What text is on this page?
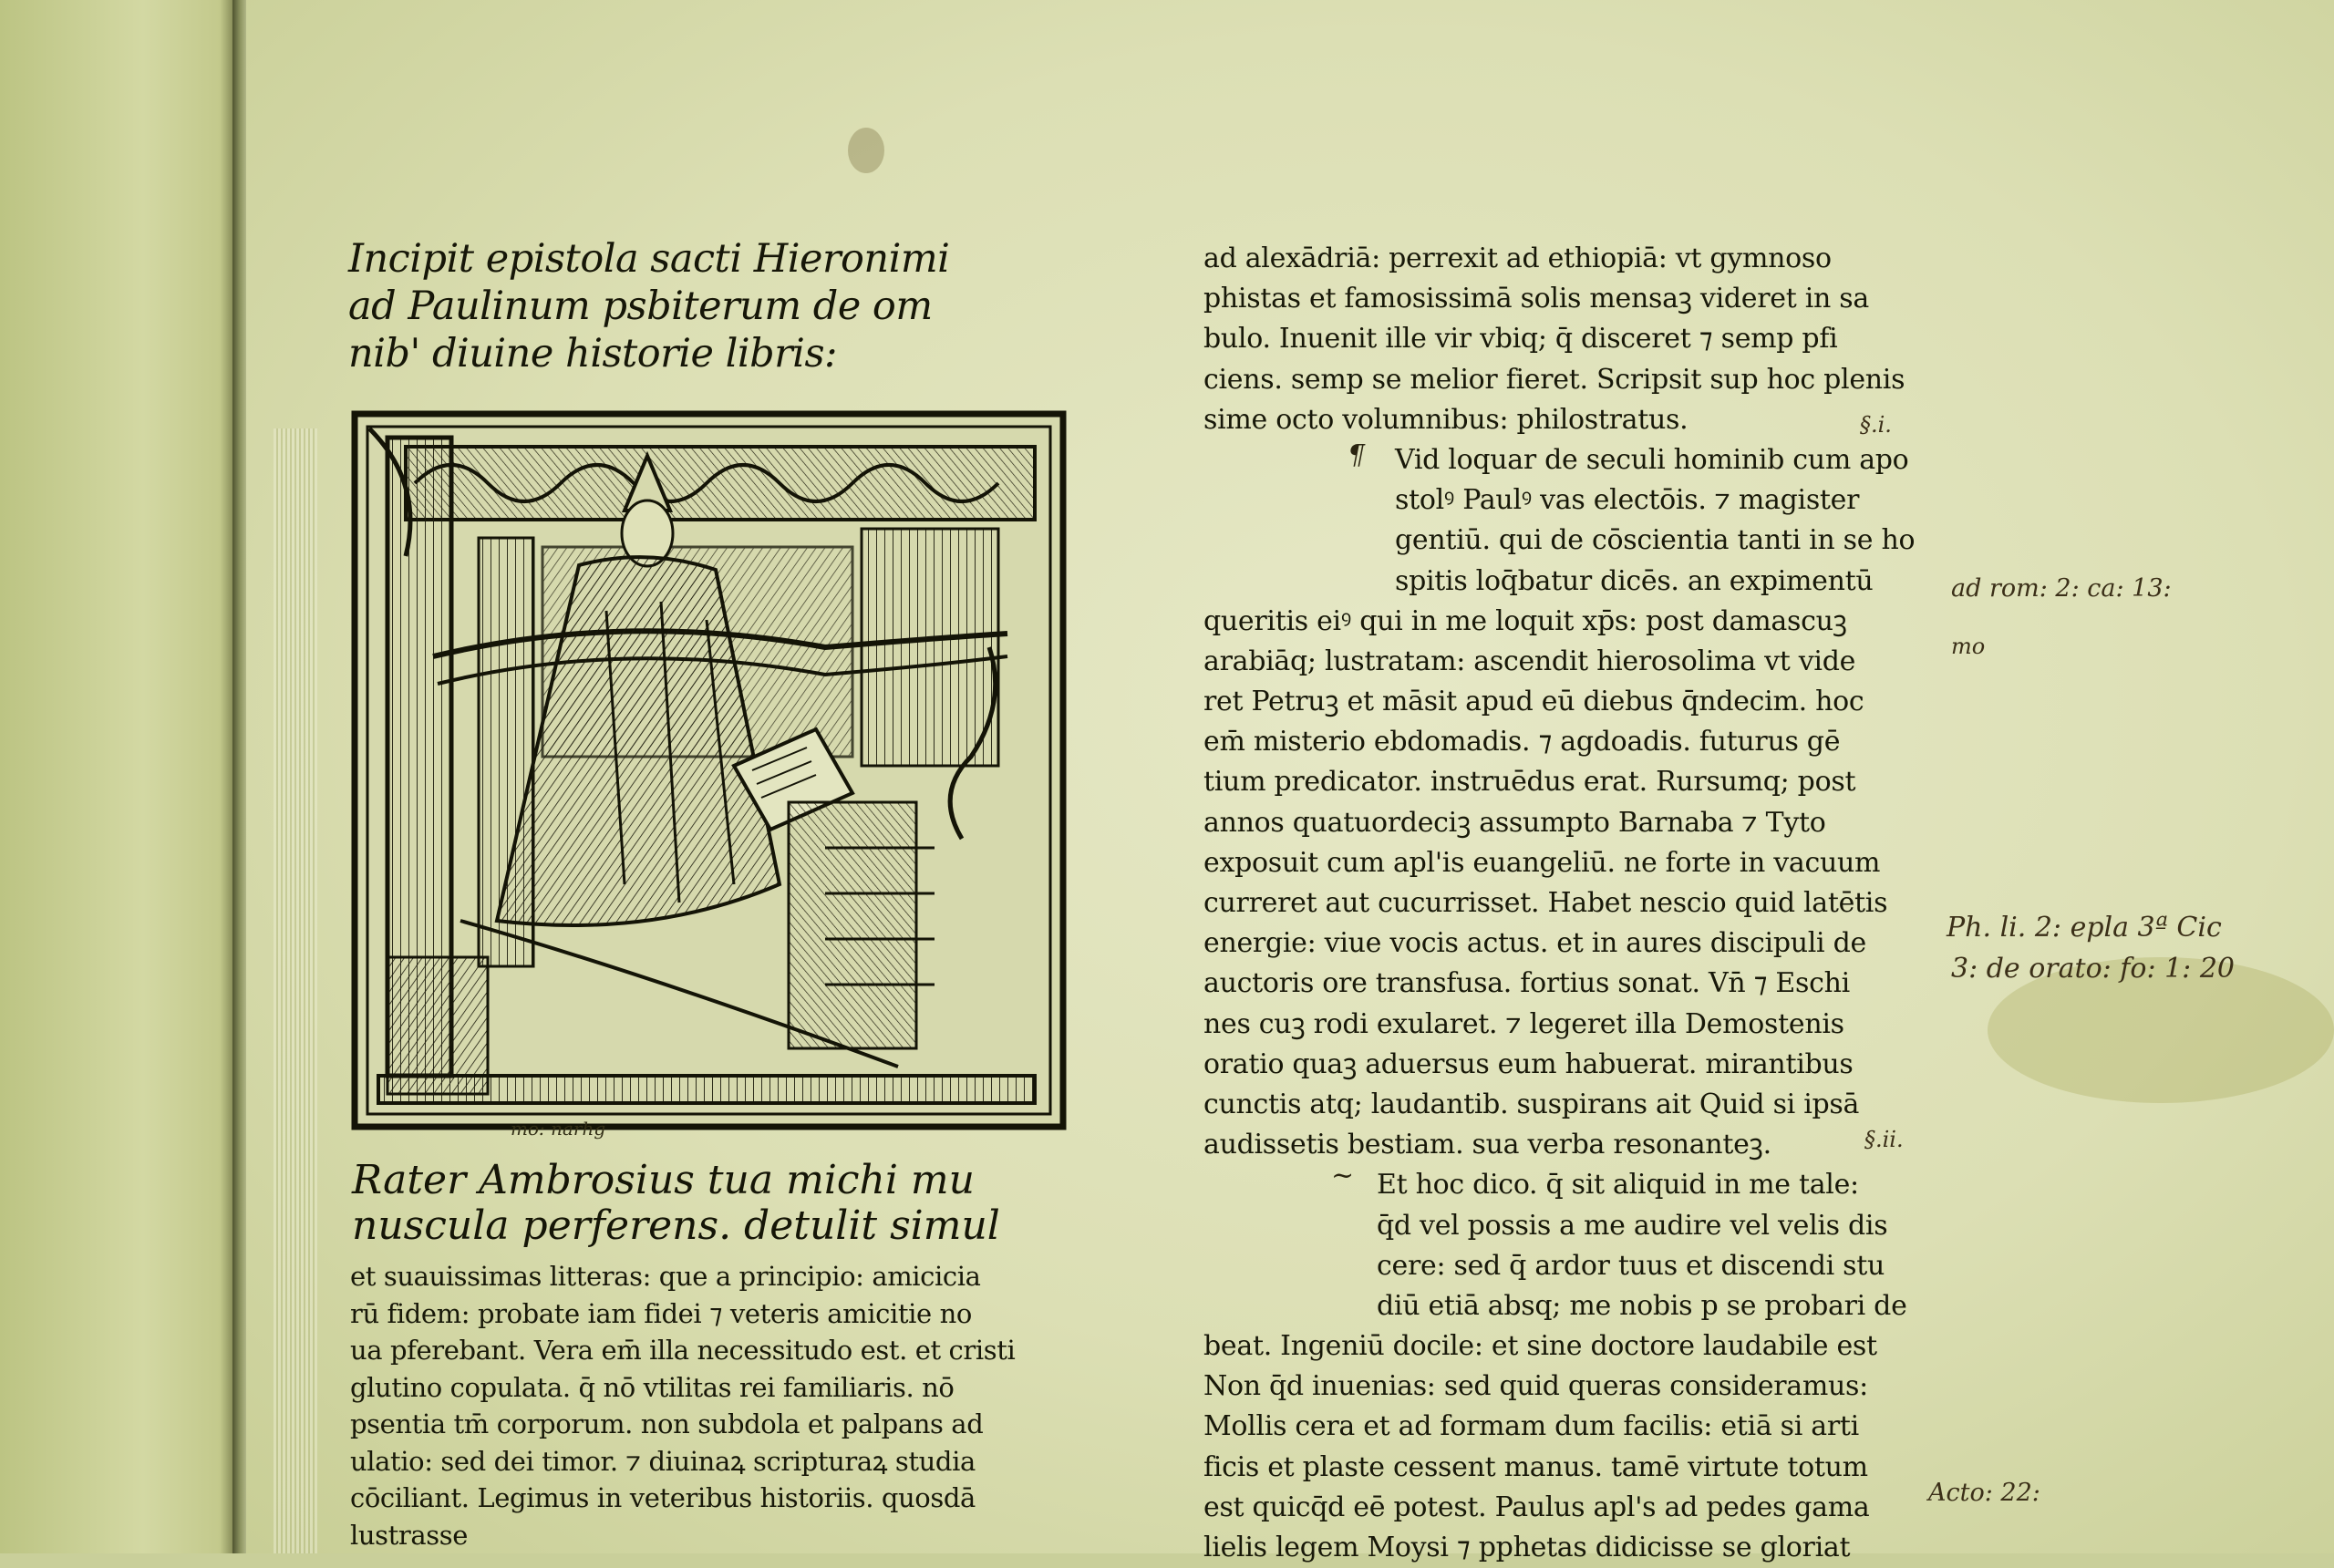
Incipit epistola sacti Hieronimi
ad Paulinum psbiterum de om
nib' diuine historie libris:
mo: narhg
Rater Ambrosius tua michi mu
nuscula perferens. detulit simul
et suauissimas litteras: que a principio: amicicia
rū fidem: probate iam fidei ⁊ veteris amicitie no
ua pferebant. Vera em̄ illa necessitudo est. et cristi
glutino copulata. q̄ nō vtilitas rei familiaris. nō
psentia tm̄ corporum. non subdola et palpans ad
ulatio: sed dei timor. ⁊ diuinaꝝ scripturaꝝ studia
cōciliant. Legimus in veteribus historiis. quosdā
lustrasse
ad alexādriā: perrexit ad ethiopiā: vt gymnoso
phistas et famosissimā solis mensaꝫ videret in sa
bulo. Inuenit ille vir vbiq; q̄ disceret ⁊ semp pfi
ciens. semp se melior fieret. Scripsit sup hoc plenis
sime octo volumnibus: philostratus.
Vid loquar de seculi hominib cum apo
stolꝰ Paulꝰ vas electōis. ⁊ magister
gentiū. qui de cōscientia tanti in se ho
spitis loq̄batur dicēs. an expimentū
queritis eiꝰ qui in me loquit xp̄s: post damascuꝫ
arabiāq; lustratam: ascendit hierosolima vt vide
ret Petruꝫ et māsit apud eū diebus q̄ndecim. hoc
em̄ misterio ebdomadis. ⁊ agdoadis. futurus gē
tium predicator. instruēdus erat. Rursumq; post
annos quatuordeciꝫ assumpto Barnaba ⁊ Tyto
exposuit cum apl'is euangeliū. ne forte in vacuum
curreret aut cucurrisset. Habet nescio quid latētis
energie: viue vocis actus. et in aures discipuli de
auctoris ore transfusa. fortius sonat. Vn̄ ⁊ Eschi
nes cuꝫ rodi exularet. ⁊ legeret illa Demostenis
oratio quaꝫ aduersus eum habuerat. mirantibus
cunctis atq; laudantib. suspirans ait Quid si ipsā
audissetis bestiam. sua verba resonanteꝫ.
Et hoc dico. q̄ sit aliquid in me tale:
q̄d vel possis a me audire vel velis dis
cere: sed q̄ ardor tuus et discendi stu
diū etiā absq; me nobis p se probari de
beat. Ingeniū docile: et sine doctore laudabile est
Non q̄d inuenias: sed quid queras consideramus:
Mollis cera et ad formam dum facilis: etiā si arti
ficis et plaste cessent manus. tamē virtute totum
est quicq̄d eē potest. Paulus apl's ad pedes gama
lielis legem Moysi ⁊ pphetas didicisse se gloriat
§.i.
ad rom: 2: ca: 13:
Ph. li. 2: epla 3ª Cic
3: de orato: fo: 1: 20
§.ii.
Acto: 22:
mo
¶
~
